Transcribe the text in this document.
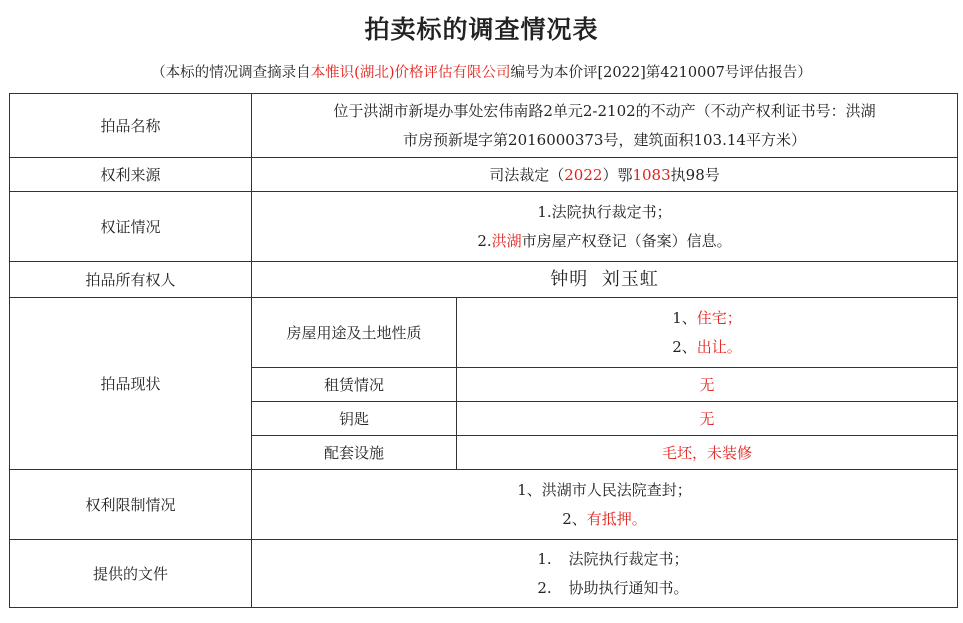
拍卖标的调查情况表
（本标的情况调查摘录自本惟识(湖北)价格评估有限公司编号为本价评[2022]第4210007号评估报告）
拍品名称	位于洪湖市新堤办事处宏伟南路2单元2-2102的不动产（不动产权利证书号：洪湖
市房预新堤字第2016000373号，建筑面积103.14平方米）	

权利来源	司法裁定（2022）鄂1083执98号	
权证情况	1.法院执行裁定书；
2.洪湖市房屋产权登记（备案）信息。	

拍品所有权人	钟明  刘玉虹	
拍品现状	房屋用途及土地性质	1、住宅；
2、出让。

	租赁情况	无
	钥匙	无
	配套设施	毛坯，未装修
权利限制情况	1、洪湖市人民法院查封；
2、有抵押。	

提供的文件	1. 法院执行裁定书；
2. 协助执行通知书。	
